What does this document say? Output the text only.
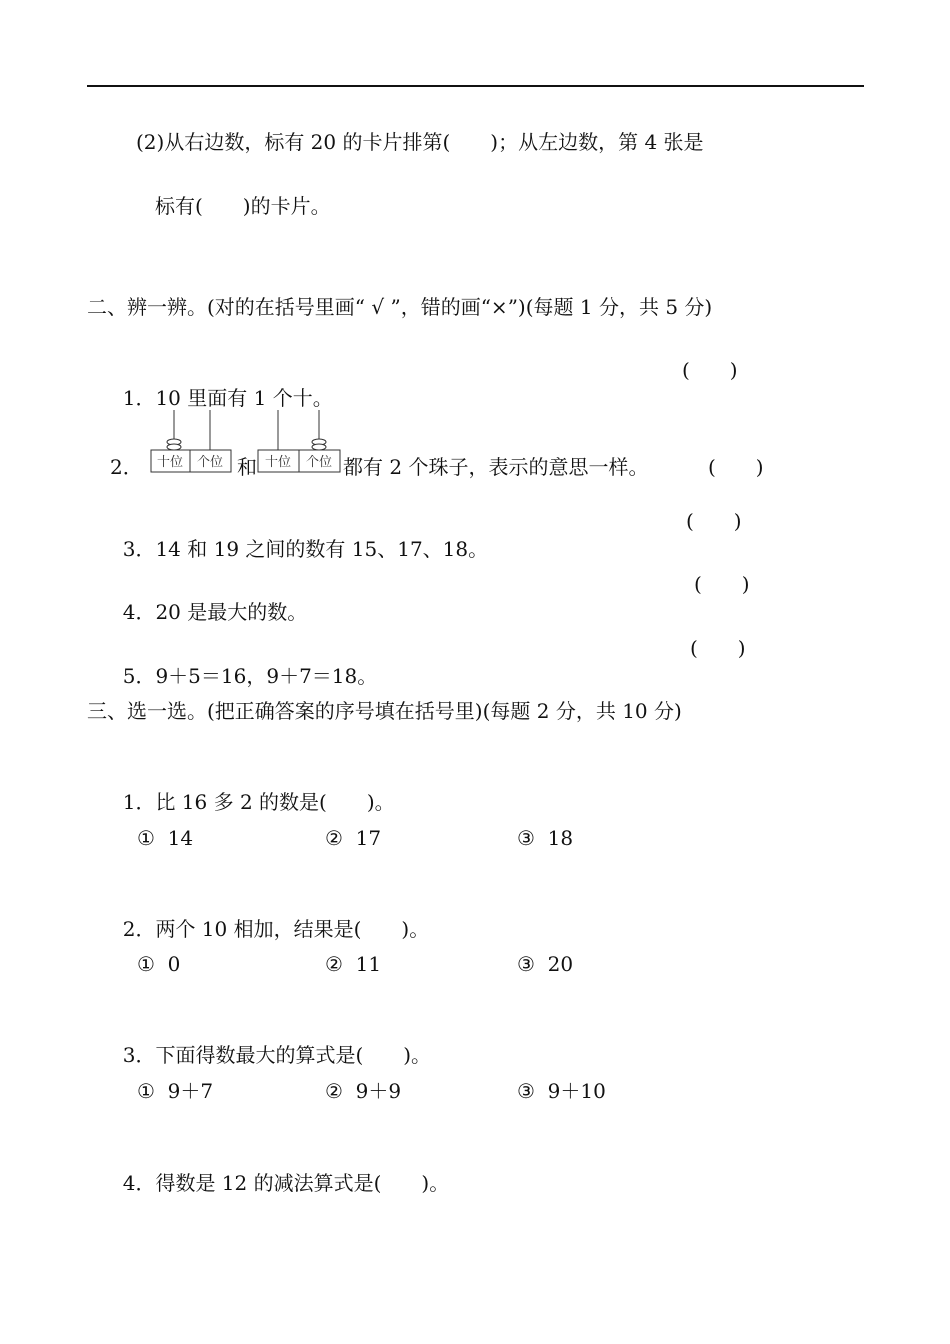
(2)从右边数，标有 20 的卡片排第(　　)；从左边数，第 4 张是
标有(　　)的卡片。
二、辨一辨。(对的在括号里画“ √ ”，错的画“×”)(每题 1 分，共 5 分)

1．10 里面有 1 个十。

(　　)
2． 十位 个位 和 十位 个位 都有 2 个珠子，表示的意思一样。	(　　)

3．14 和 19 之间的数有 15、17、18。

(　　)

4．20 是最大的数。

(　　)

5．9＋5＝16，9＋7＝18。

(　　)
三、选一选。(把正确答案的序号填在括号里)(每题 2 分，共 10 分)

1．比 16 多 2 的数是(　　)。

①  14	②  17	③  18

2．两个 10 相加，结果是(　　)。

①  0	②  11	③  20

3．下面得数最大的算式是(　　)。

①  9＋7	②  9＋9	③  9＋10

4．得数是 12 的减法算式是(　　)。
